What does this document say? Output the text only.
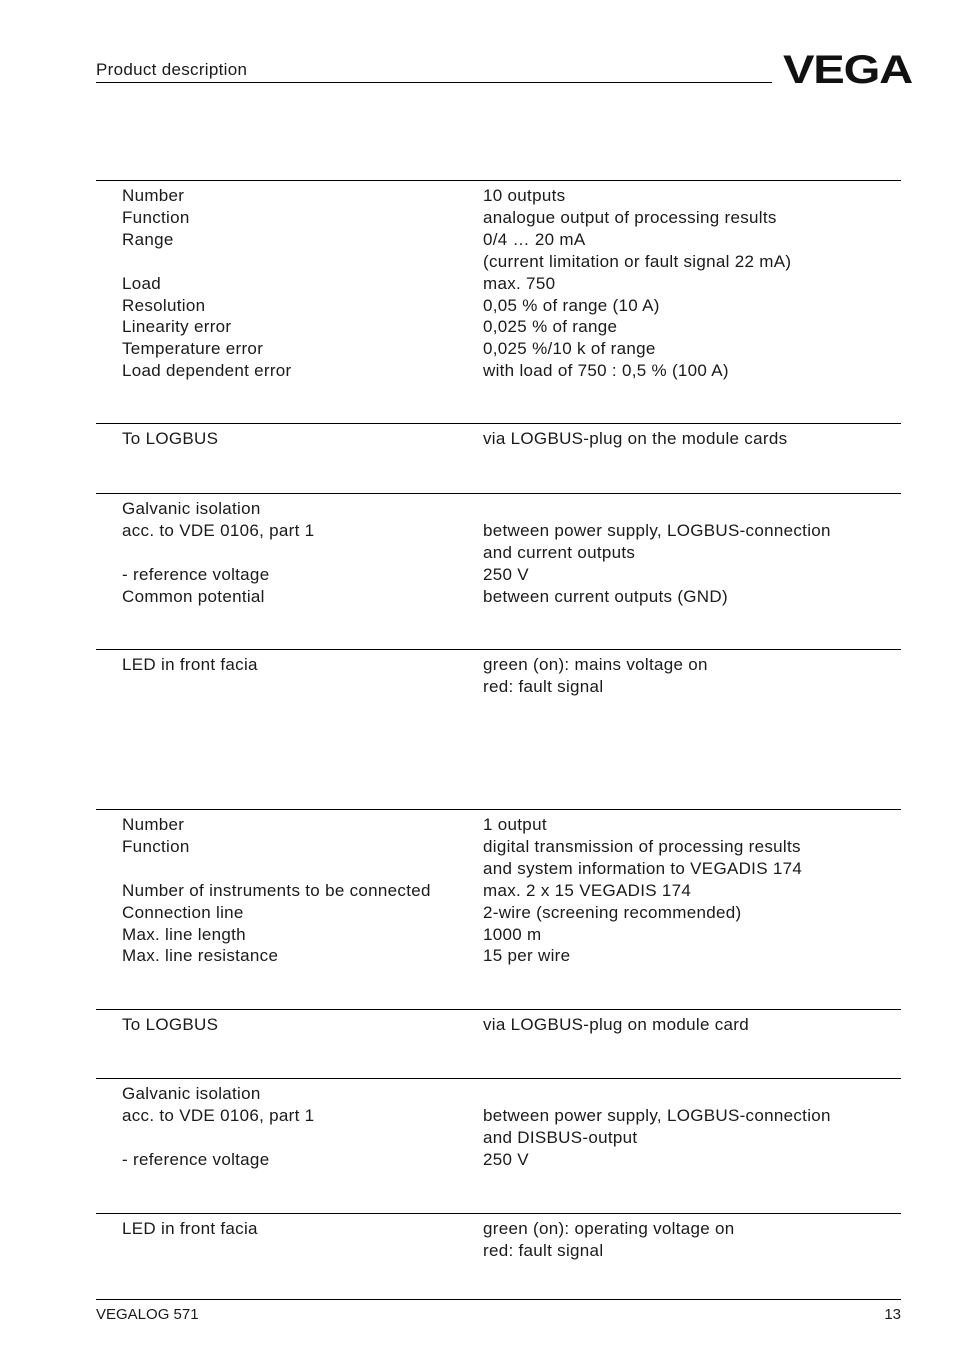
Product description	VEGA
Number	10 outputs
Function	analogue output of processing results
Range	0/4 … 20 mA
(current limitation or fault signal 22 mA)
Load	max. 750
Resolution	0,05 % of range (10 A)
Linearity error	0,025 % of range
Temperature error	0,025 %/10 k of range
Load dependent error	with load of 750 : 0,5 % (100 A)
To LOGBUS	via LOGBUS-plug on the module cards
Galvanic isolation
acc. to VDE 0106, part 1	between power supply, LOGBUS-connection
and current outputs
- reference voltage	250 V
Common potential	between current outputs (GND)
LED in front facia	green (on): mains voltage on
red: fault signal
Number	1 output
Function	digital transmission of processing results
and system information to VEGADIS 174
Number of instruments to be connected	max. 2 x 15 VEGADIS 174
Connection line	2-wire (screening recommended)
Max. line length	1000 m
Max. line resistance	15 per wire
To LOGBUS	via LOGBUS-plug on module card
Galvanic isolation
acc. to VDE 0106, part 1	between power supply, LOGBUS-connection
and DISBUS-output
- reference voltage	250 V
LED in front facia	green (on): operating voltage on
red: fault signal
VEGALOG 571	13
